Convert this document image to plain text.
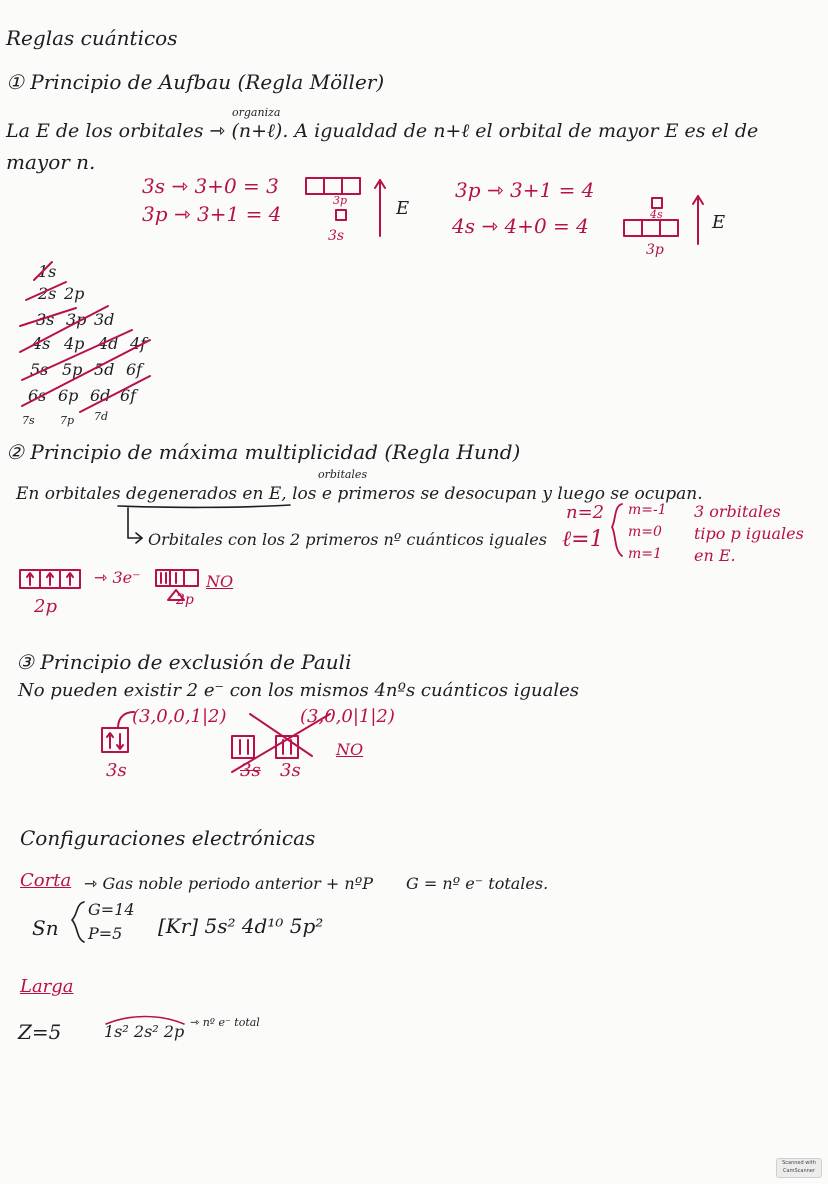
Reglas cuánticos
① Principio de Aufbau (Regla Möller)
organiza
La E de los orbitales ⇾ (n+ℓ). A igualdad de n+ℓ el orbital de mayor E es el de
mayor n.
3s ⇾ 3+0 = 3
3p ⇾ 3+1 = 4
3p ⇾ 3+1 = 4
4s ⇾ 4+0 = 4
3p
3s
4s
3p
E
E
1s
2s 2p
3s 3p 3d
4s 4p 4d 4f
5s 5p 5d 6f
6s 6p 6d 6f
7s 7p 7d
② Principio de máxima multiplicidad (Regla Hund)
orbitales
En orbitales degenerados en E, los e primeros se desocupan y luego se ocupan.
Orbitales con los 2 primeros nº cuánticos iguales
n=2
ℓ=1
m=-1
m=0
m=1
3 orbitales
tipo p iguales
en E.
⇾ 3e⁻
2p	2p
NO
③ Principio de exclusión de Pauli
No pueden existir 2 e⁻ con los mismos 4nºs cuánticos iguales
(3,0,0,1|2)	(3,0,0|1|2)
3s	3s 3s
NO
Configuraciones electrónicas
Corta ⇾ Gas noble periodo anterior + nºP G = nº e⁻ totales.
Sn
G=14
P=5 [Kr] 5s² 4d¹⁰ 5p²
Larga
Z=5	1s² 2s² 2p ⇾ nº e⁻ total
Scanned with CamScanner
